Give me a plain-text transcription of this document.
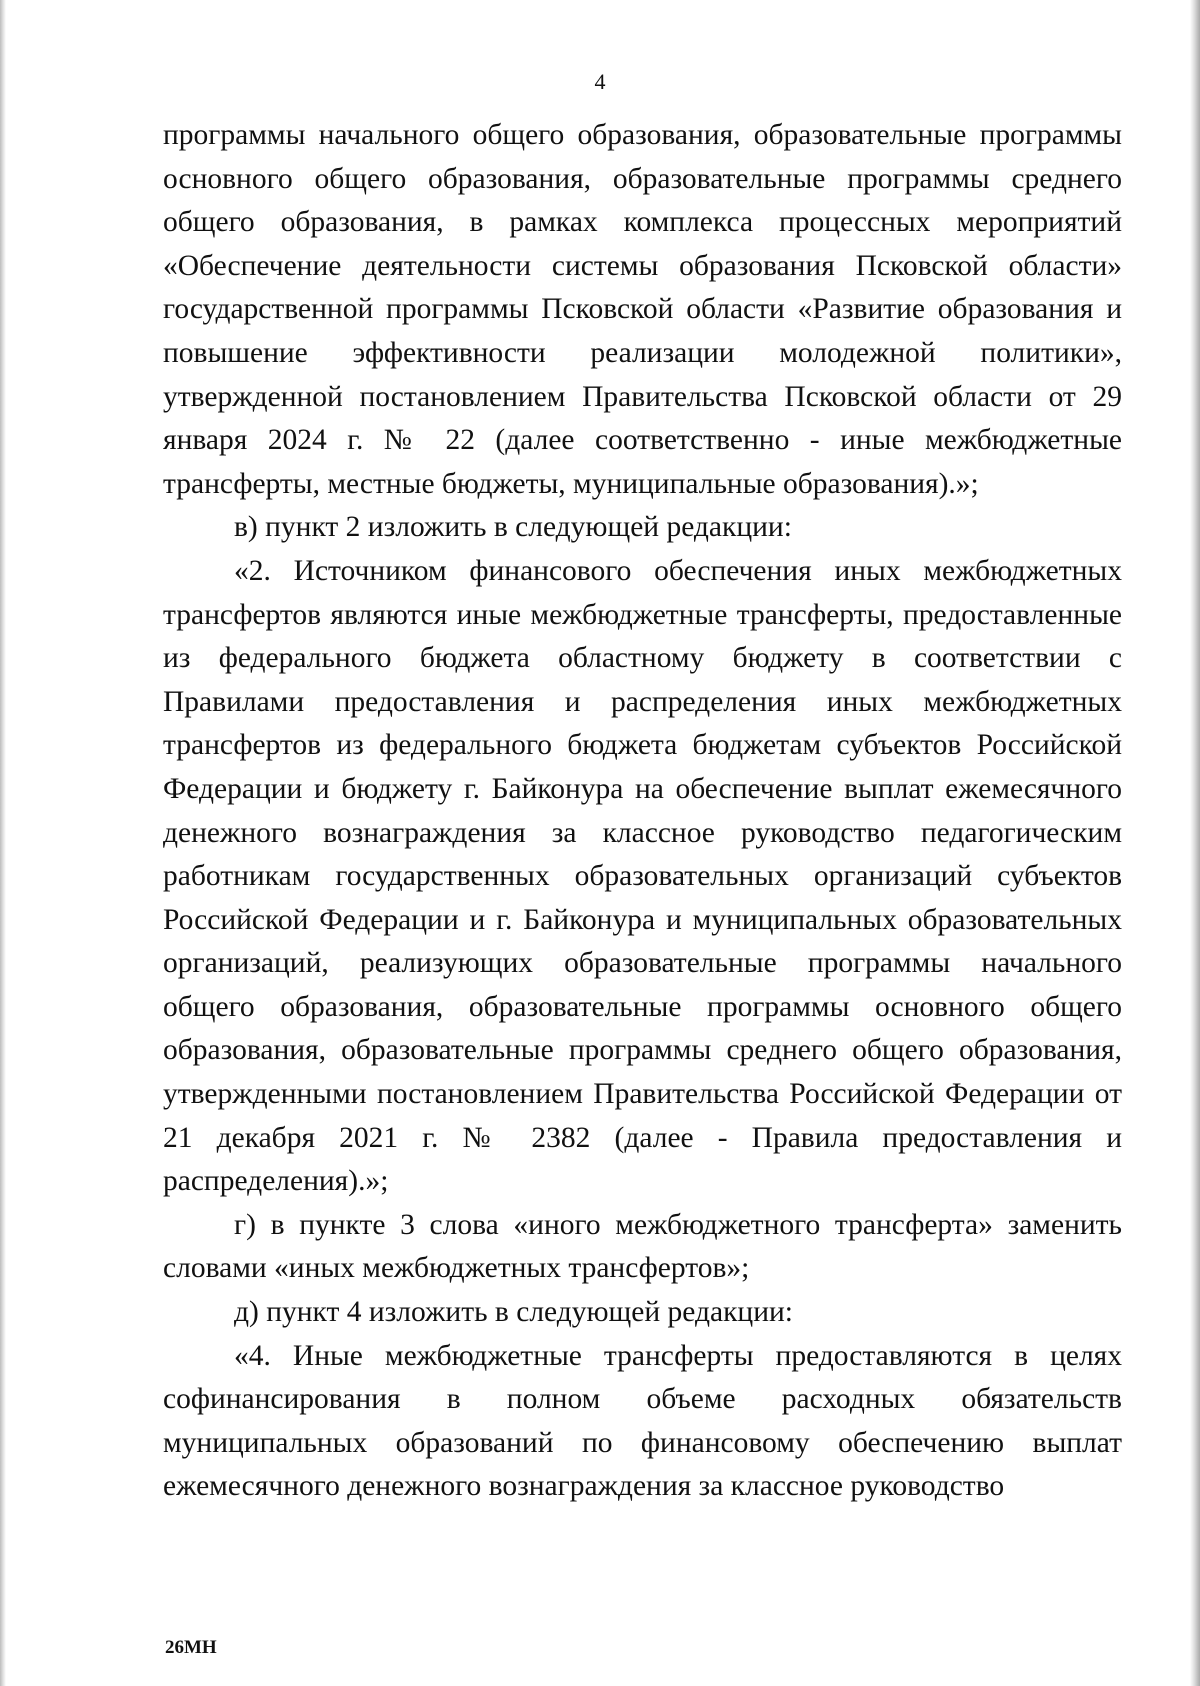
4

программы начального общего образования, образовательные программы основного общего образования, образовательные программы среднего общего образования, в рамках комплекса процессных мероприятий «Обеспечение деятельности системы образования Псковской области» государственной программы Псковской области «Развитие образования и повышение эффективности реализации молодежной политики», утвержденной постановлением Правительства Псковской области от 29 января 2024 г. № 22 (далее соответственно - иные межбюджетные трансферты, местные бюджеты, муниципальные образования).»;

в) пункт 2 изложить в следующей редакции:

«2. Источником финансового обеспечения иных межбюджетных трансфертов являются иные межбюджетные трансферты, предоставленные из федерального бюджета областному бюджету в соответствии с Правилами предоставления и распределения иных межбюджетных трансфертов из федерального бюджета бюджетам субъектов Российской Федерации и бюджету г. Байконура на обеспечение выплат ежемесячного денежного вознаграждения за классное руководство педагогическим работникам государственных образовательных организаций субъектов Российской Федерации и г. Байконура и муниципальных образовательных организаций, реализующих образовательные программы начального общего образования, образовательные программы основного общего образования, образовательные программы среднего общего образования, утвержденными постановлением Правительства Российской Федерации от 21 декабря 2021 г. № 2382 (далее - Правила предоставления и распределения).»;

г) в пункте 3 слова «иного межбюджетного трансферта» заменить словами «иных межбюджетных трансфертов»;

д) пункт 4 изложить в следующей редакции:

«4. Иные межбюджетные трансферты предоставляются в целях софинансирования в полном объеме расходных обязательств муниципальных образований по финансовому обеспечению выплат ежемесячного денежного вознаграждения за классное руководство

26МН
